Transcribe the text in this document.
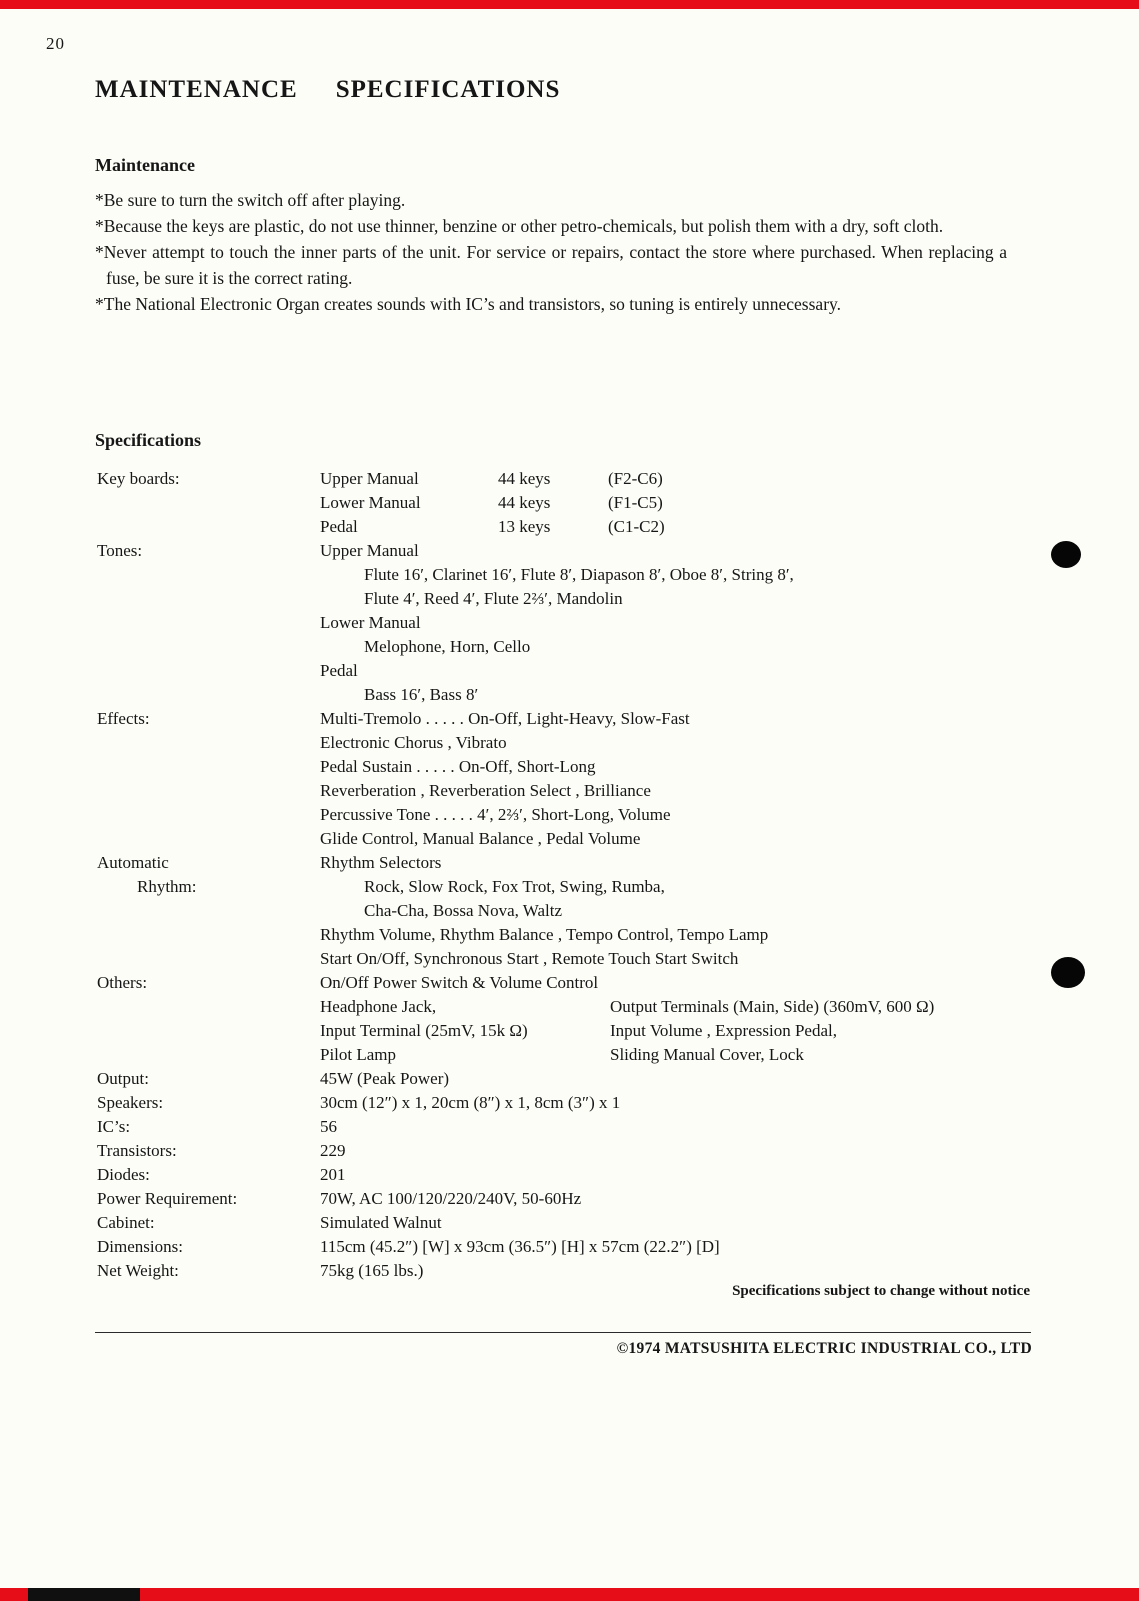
20
MAINTENANCE SPECIFICATIONS
Maintenance

*Be sure to turn the switch off after playing.

*Because the keys are plastic, do not use thinner, benzine or other petro-chemicals, but polish them with a dry, soft cloth.

*Never attempt to touch the inner parts of the unit. For service or repairs, contact the store where purchased. When replacing a fuse, be sure it is the correct rating.

*The National Electronic Organ creates sounds with IC’s and transistors, so tuning is entirely unnecessary.

Specifications
Key boards:	Upper Manual	44 keys	(F2-C6)
Lower Manual	44 keys	(F1-C5)
Pedal	13 keys	(C1-C2)
Tones:	Upper Manual
Flute 16′, Clarinet 16′, Flute 8′, Diapason 8′, Oboe 8′, String 8′,
Flute 4′, Reed 4′, Flute 2⅔′, Mandolin
Lower Manual
Melophone, Horn, Cello
Pedal
Bass 16′, Bass 8′
Effects:	Multi-Tremolo . . . . . On-Off, Light-Heavy, Slow-Fast
Electronic Chorus , Vibrato
Pedal Sustain . . . . . On-Off, Short-Long
Reverberation , Reverberation Select , Brilliance
Percussive Tone . . . . . 4′, 2⅔′, Short-Long, Volume
Glide Control, Manual Balance , Pedal Volume
Automatic
Rhythm:
Rhythm Selectors
Rock, Slow Rock, Fox Trot, Swing, Rumba,
Cha-Cha, Bossa Nova, Waltz
Rhythm Volume, Rhythm Balance , Tempo Control, Tempo Lamp
Start On/Off, Synchronous Start , Remote Touch Start Switch
Others:	On/Off Power Switch & Volume Control
Headphone Jack,	Output Terminals (Main, Side) (360mV, 600 Ω)
Input Terminal (25mV, 15k Ω)	Input Volume , Expression Pedal,
Pilot Lamp	Sliding Manual Cover, Lock
Output:	45W (Peak Power)
Speakers:	30cm (12″) x 1, 20cm (8″) x 1, 8cm (3″) x 1
IC’s:	56
Transistors:	229
Diodes:	201
Power Requirement:	70W, AC 100/120/220/240V, 50-60Hz
Cabinet:	Simulated Walnut
Dimensions:	115cm (45.2″) [W] x 93cm (36.5″) [H] x 57cm (22.2″) [D]
Net Weight:	75kg (165 lbs.)
Specifications subject to change without notice
©1974 MATSUSHITA ELECTRIC INDUSTRIAL CO., LTD
